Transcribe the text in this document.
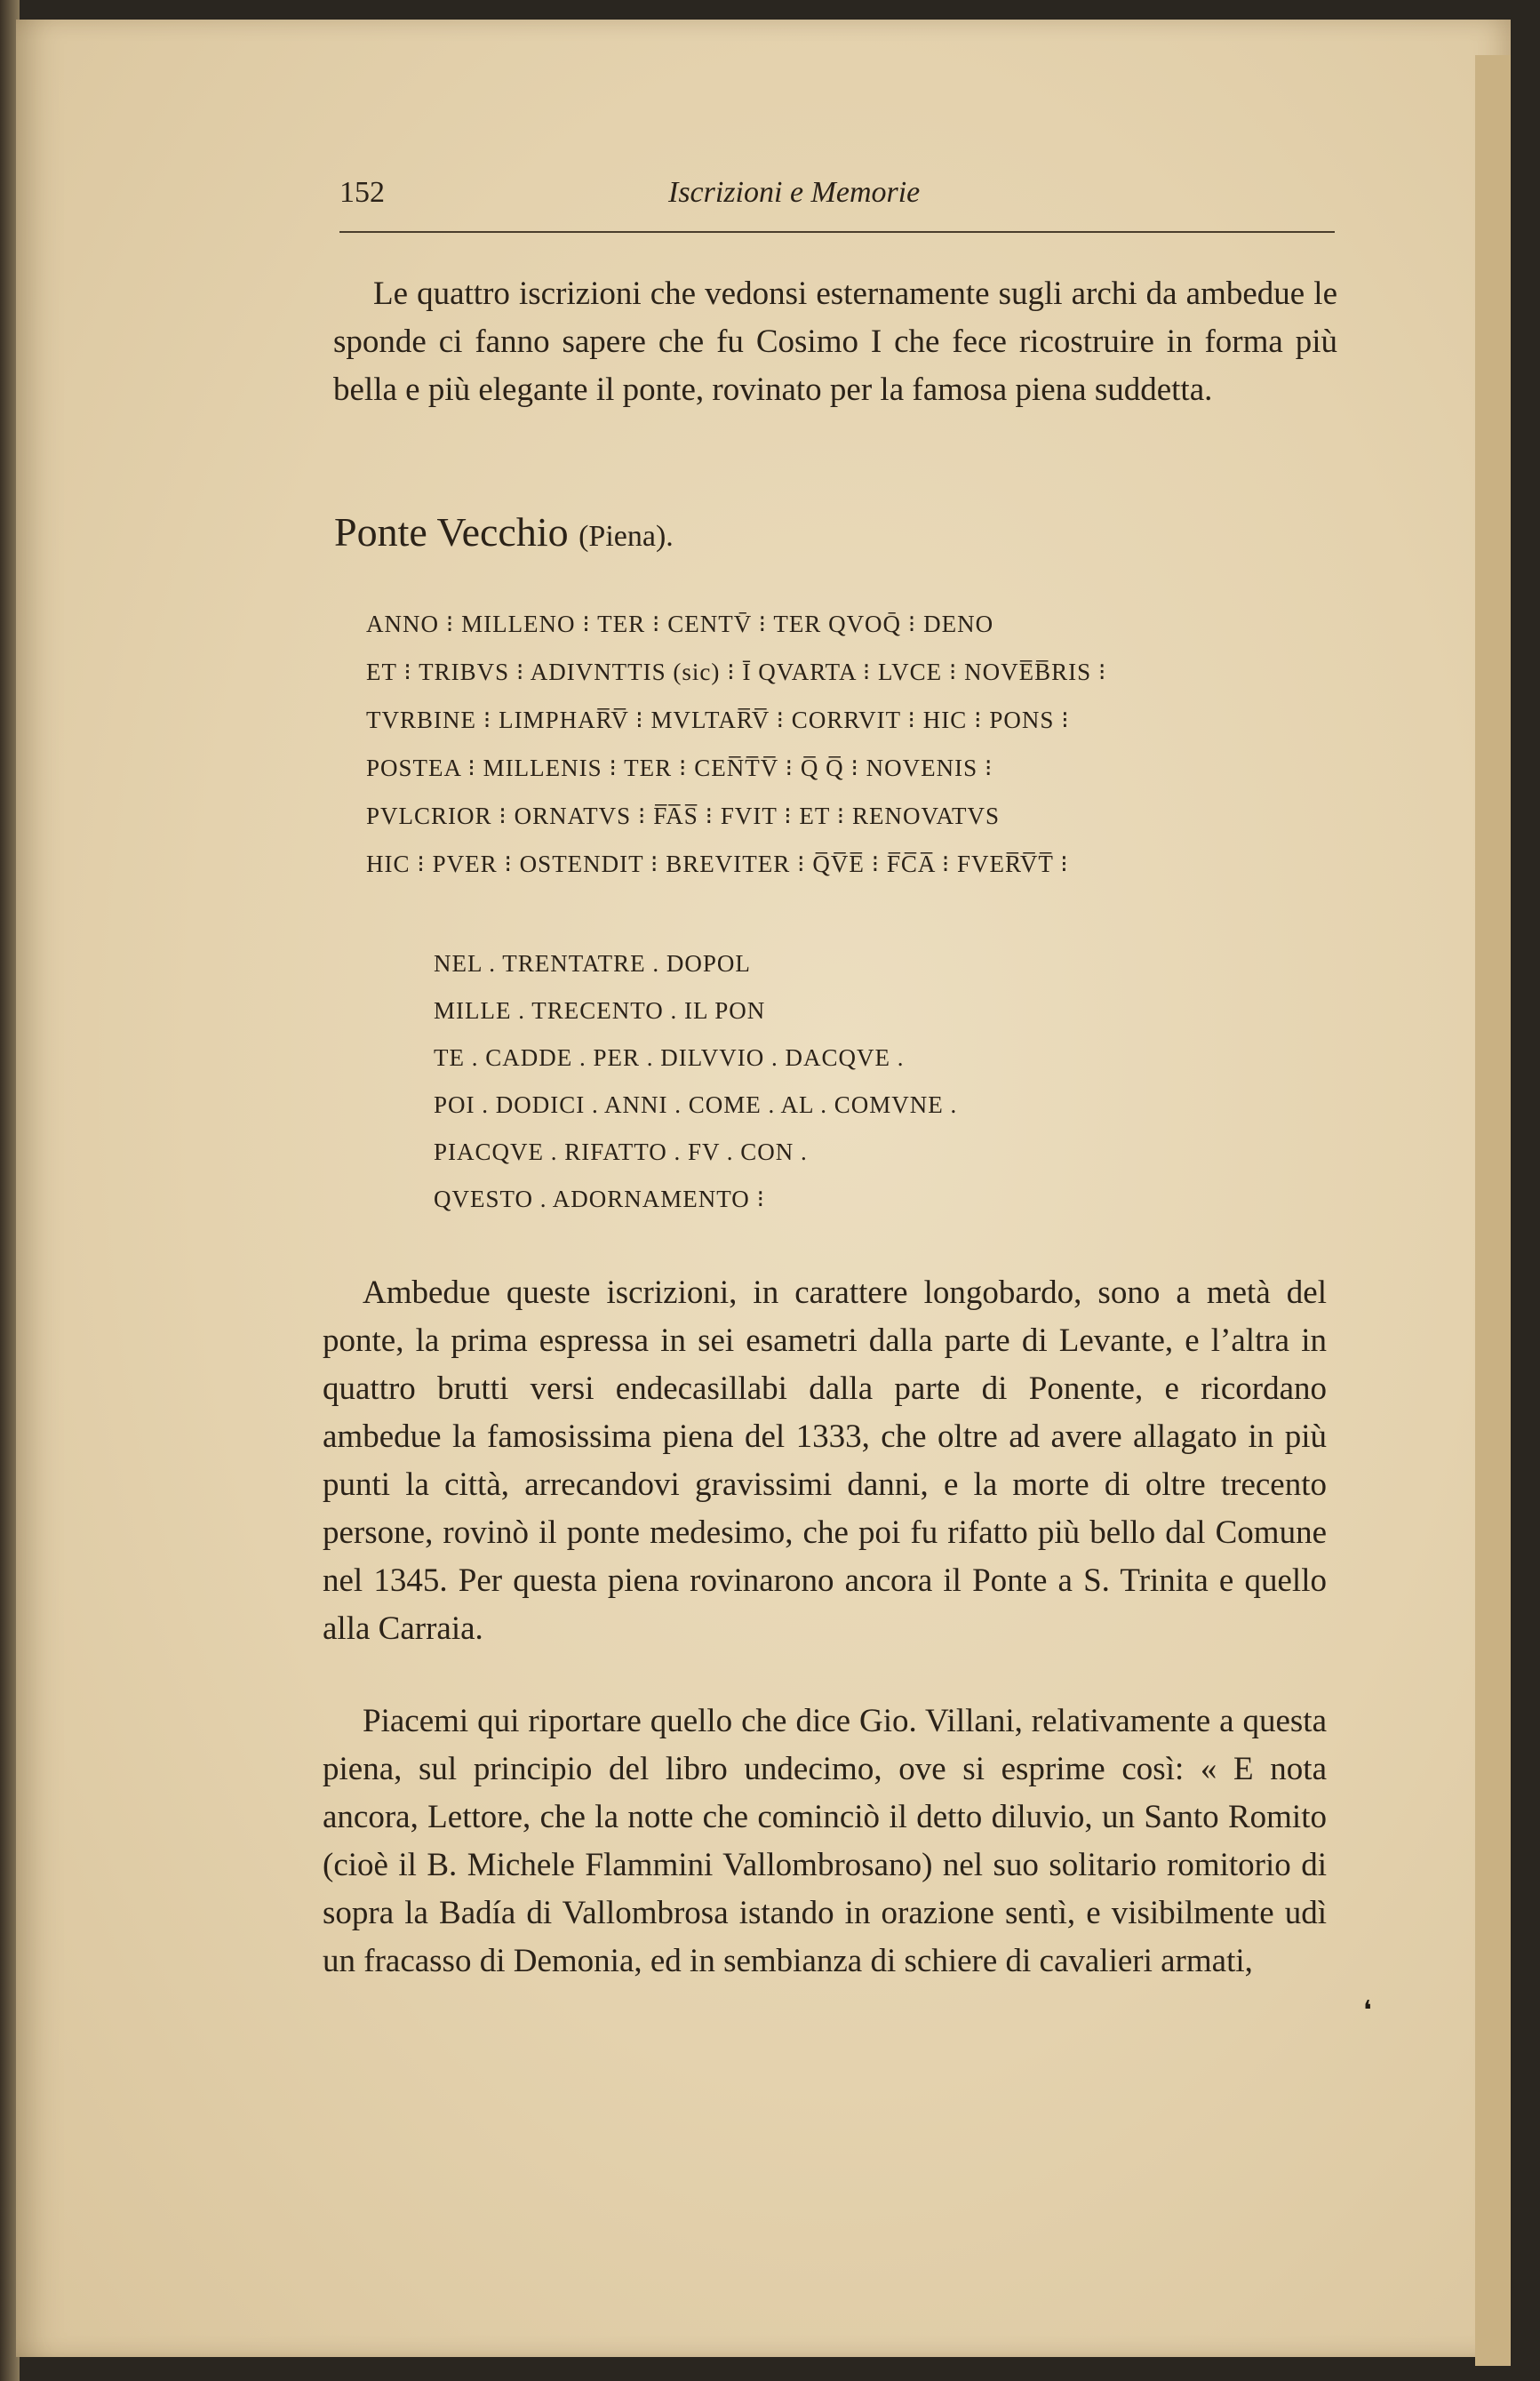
152	Iscrizioni e Memorie

Le quattro iscrizioni che vedonsi esternamente sugli archi da ambedue le sponde ci fanno sapere che fu Cosimo I che fece ricostruire in forma più bella e più elegante il ponte, rovinato per la famosa piena suddetta.

Ponte Vecchio (Piena).
ANNO ⁝ MILLENO ⁝ TER ⁝ CENTV̄ ⁝ TER QVOQ̄ ⁝ DENO
ET ⁝ TRIBVS ⁝ ADIVNTTIS (sic) ⁝ Ī QVARTA ⁝ LVCE ⁝ NOVE̅B̅RIS ⁝
TVRBINE ⁝ LIMPHAR̅V̅ ⁝ MVLTAR̅V̅ ⁝ CORRVIT ⁝ HIC ⁝ PONS ⁝
POSTEA ⁝ MILLENIS ⁝ TER ⁝ CEN̅T̅V̅ ⁝ Q̅ Q̅ ⁝ NOVENIS ⁝
PVLCRIOR ⁝ ORNATVS ⁝ F̅A̅S̅ ⁝ FVIT ⁝ ET ⁝ RENOVATVS
HIC ⁝ PVER ⁝ OSTENDIT ⁝ BREVITER ⁝ Q̅V̅E̅ ⁝ F̅C̅A̅ ⁝ FVER̅V̅T̅ ⁝
NEL . TRENTATRE . DOPOL
MILLE . TRECENTO . IL PON
TE . CADDE . PER . DILVVIO . DACQVE .
POI . DODICI . ANNI . COME . AL . COMVNE .
PIACQVE . RIFATTO . FV . CON .
QVESTO . ADORNAMENTO ⁝

Ambedue queste iscrizioni, in carattere longobardo, sono a metà del ponte, la prima espressa in sei esametri dalla parte di Levante, e l’altra in quattro brutti versi endecasillabi dalla parte di Ponente, e ricordano ambedue la famosissima piena del 1333, che oltre ad avere allagato in più punti la città, arrecandovi gravissimi danni, e la morte di oltre trecento persone, rovinò il ponte medesimo, che poi fu rifatto più bello dal Comune nel 1345. Per questa piena rovinarono ancora il Ponte a S. Trinita e quello alla Carraia.

Piacemi qui riportare quello che dice Gio. Villani, relativamente a questa piena, sul principio del libro undecimo, ove si esprime così: « E nota ancora, Lettore, che la notte che cominciò il detto diluvio, un Santo Romito (cioè il B. Michele Flammini Vallombrosano) nel suo solitario romitorio di sopra la Badía di Vallombrosa istando in orazione sentì, e visibilmente udì un fracasso di Demonia, ed in sembianza di schiere di cavalieri armati,

❛
